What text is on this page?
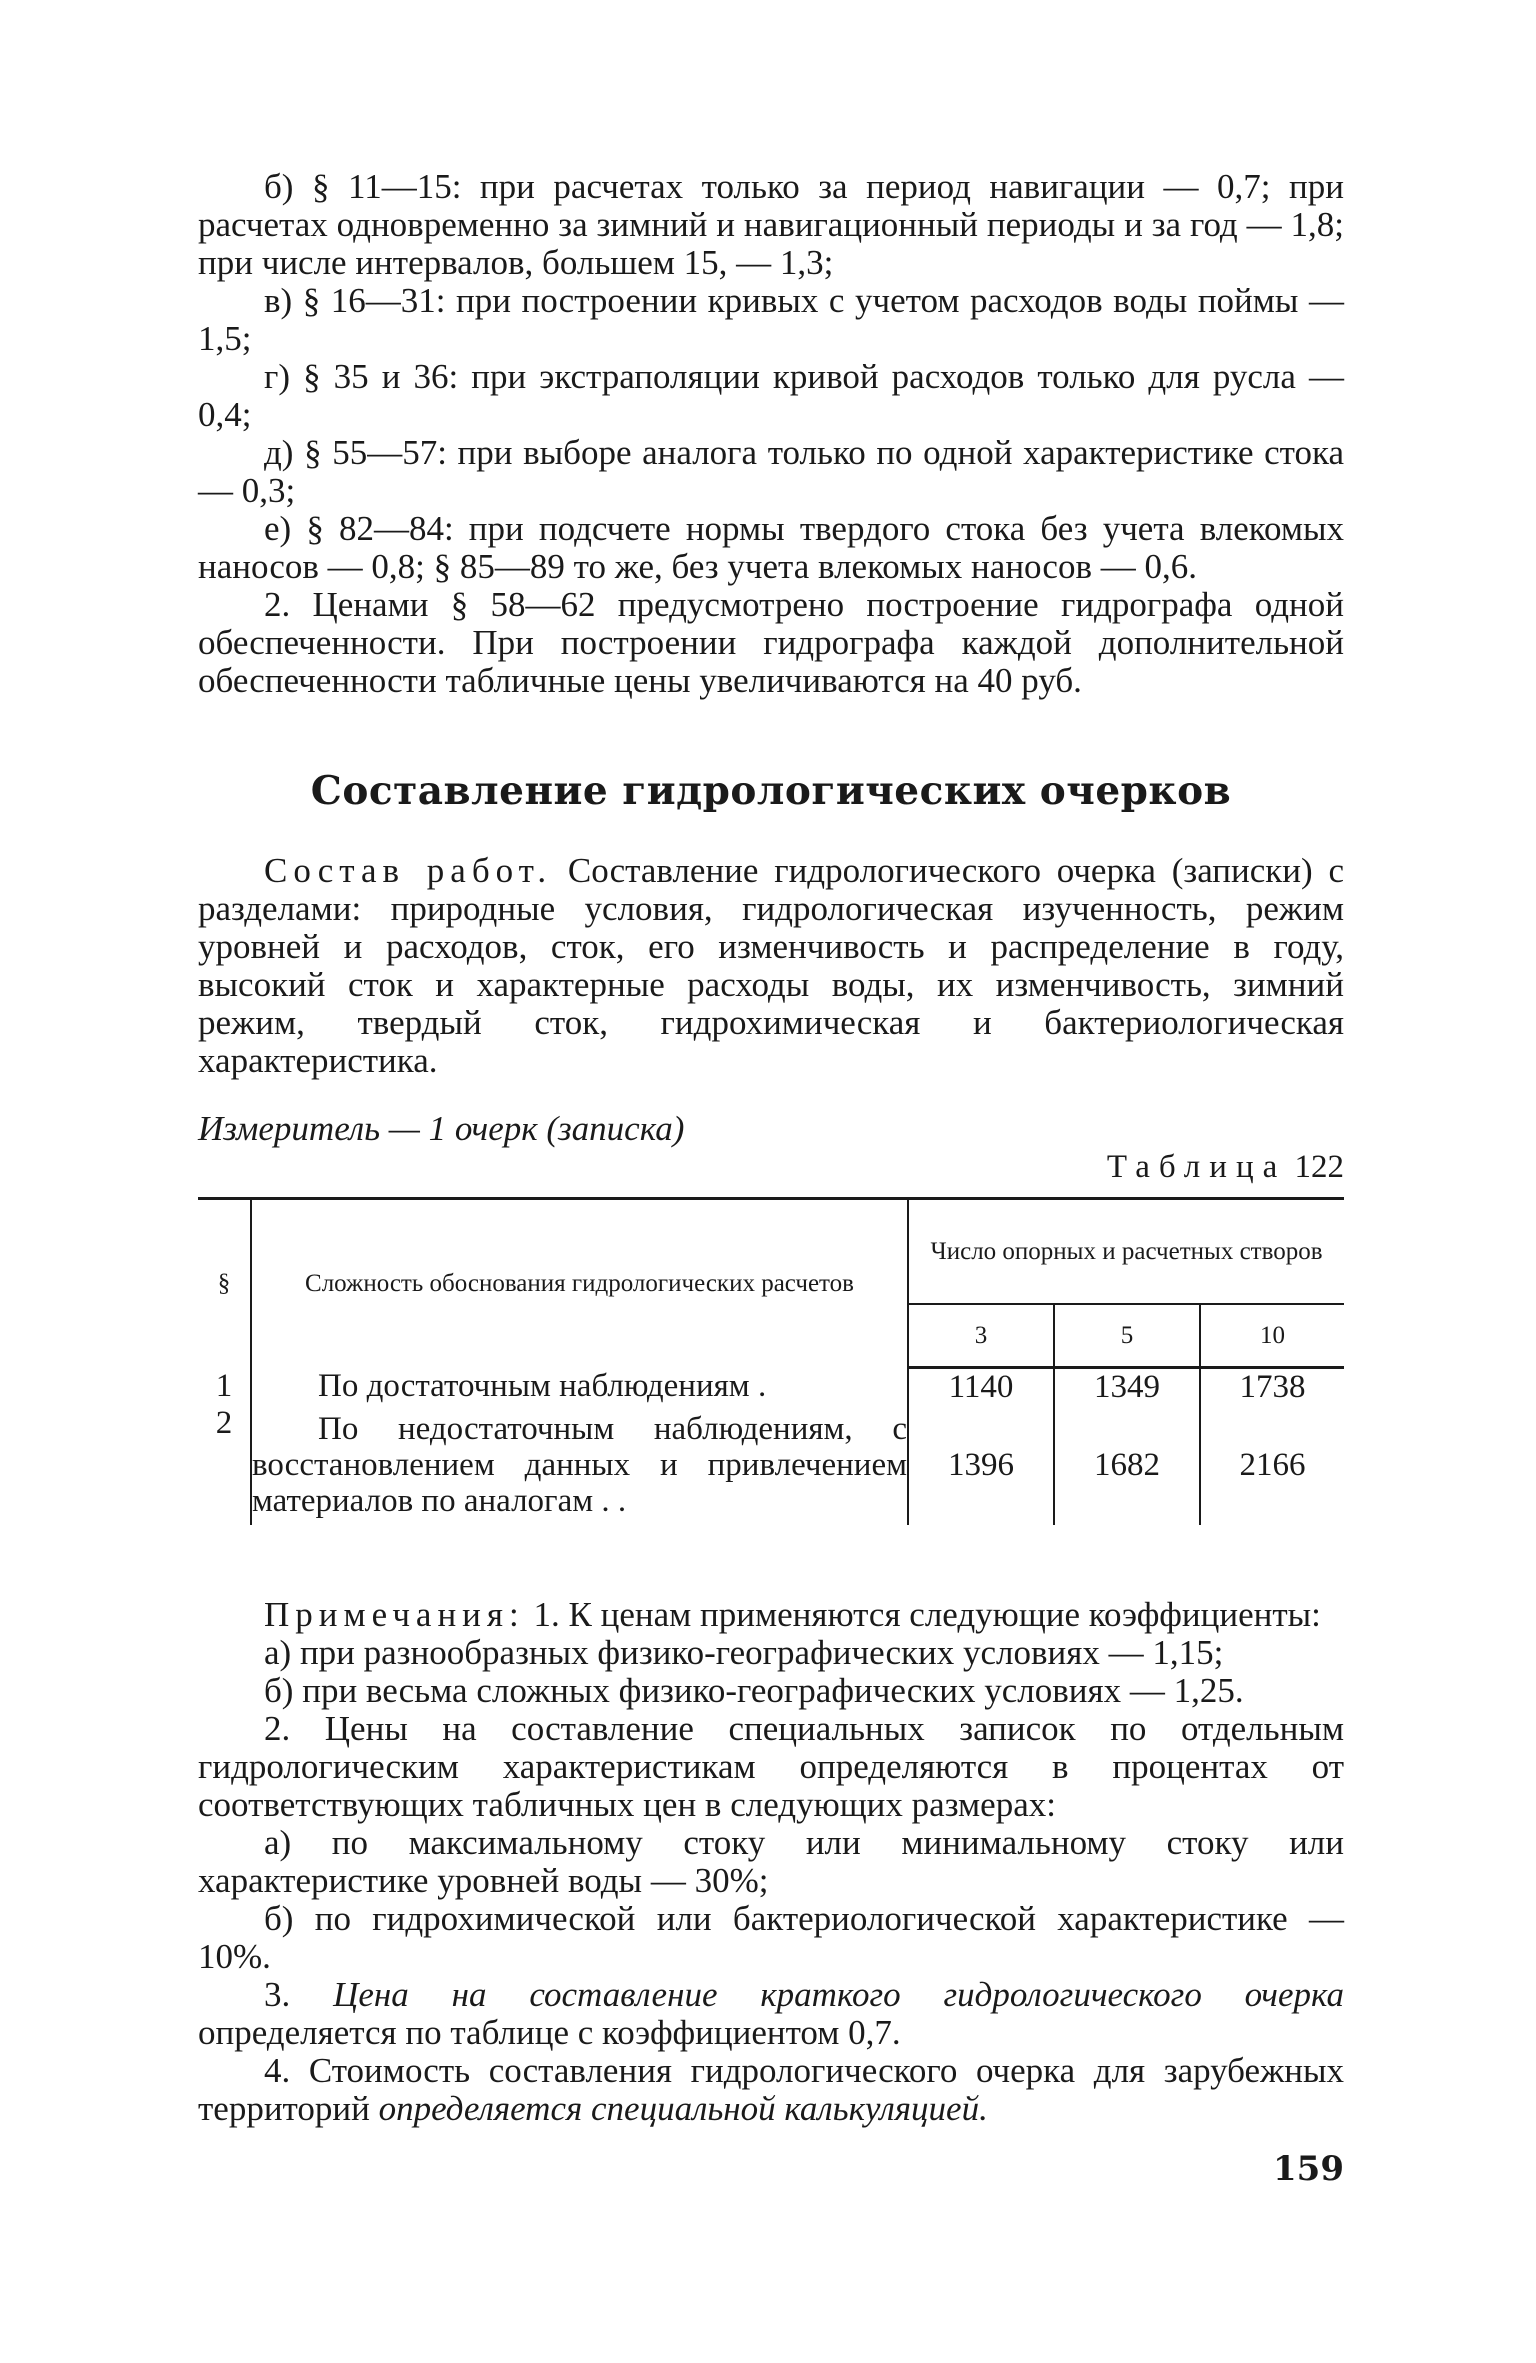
б) § 11—15: при расчетах только за период навигации — 0,7; при расчетах одновременно за зимний и навигационный периоды и за год — 1,8; при числе интервалов, большем 15, — 1,3;

в) § 16—31: при построении кривых с учетом расходов воды поймы — 1,5;

г) § 35 и 36: при экстраполяции кривой расходов только для русла — 0,4;

д) § 55—57: при выборе аналога только по одной характеристике стока — 0,3;

е) § 82—84: при подсчете нормы твердого стока без учета влекомых наносов — 0,8; § 85—89 то же, без учета влекомых наносов — 0,6.

2. Ценами § 58—62 предусмотрено построение гидрографа одной обеспеченности. При построении гидрографа каждой дополнительной обеспеченности табличные цены увеличиваются на 40 руб.

Составление гидрологических очерков

Состав работ. Составление гидрологического очерка (записки) с разделами: природные условия, гидрологическая изученность, режим уровней и расходов, сток, его изменчивость и распределение в году, высокий сток и характерные расходы воды, их изменчивость, зимний режим, твердый сток, гидрохимическая и бактериологическая характеристика.

Измеритель — 1 очерк (записка)
Таблица 122
§	Сложность обоснования гидрологических расчетов	Число опорных и расчетных створов		
		3	5	10
1	По достаточным наблюдениям .	1140	1349	1738
2	По недостаточным наблюдениям, с восстановлением данных и привлечением материалов по аналогам . .	1396	1682	2166

Примечания: 1. К ценам применяются следующие коэффициенты:

а) при разнообразных физико-географических условиях — 1,15;

б) при весьма сложных физико-географических условиях — 1,25.

2. Цены на составление специальных записок по отдельным гидрологическим характеристикам определяются в процентах от соответствующих табличных цен в следующих размерах:

а) по максимальному стоку или минимальному стоку или характеристике уровней воды — 30%;

б) по гидрохимической или бактериологической характеристике — 10%.

3. Цена на составление краткого гидрологического очерка определяется по таблице с коэффициентом 0,7.

4. Стоимость составления гидрологического очерка для зарубежных территорий определяется специальной калькуляцией.

159
